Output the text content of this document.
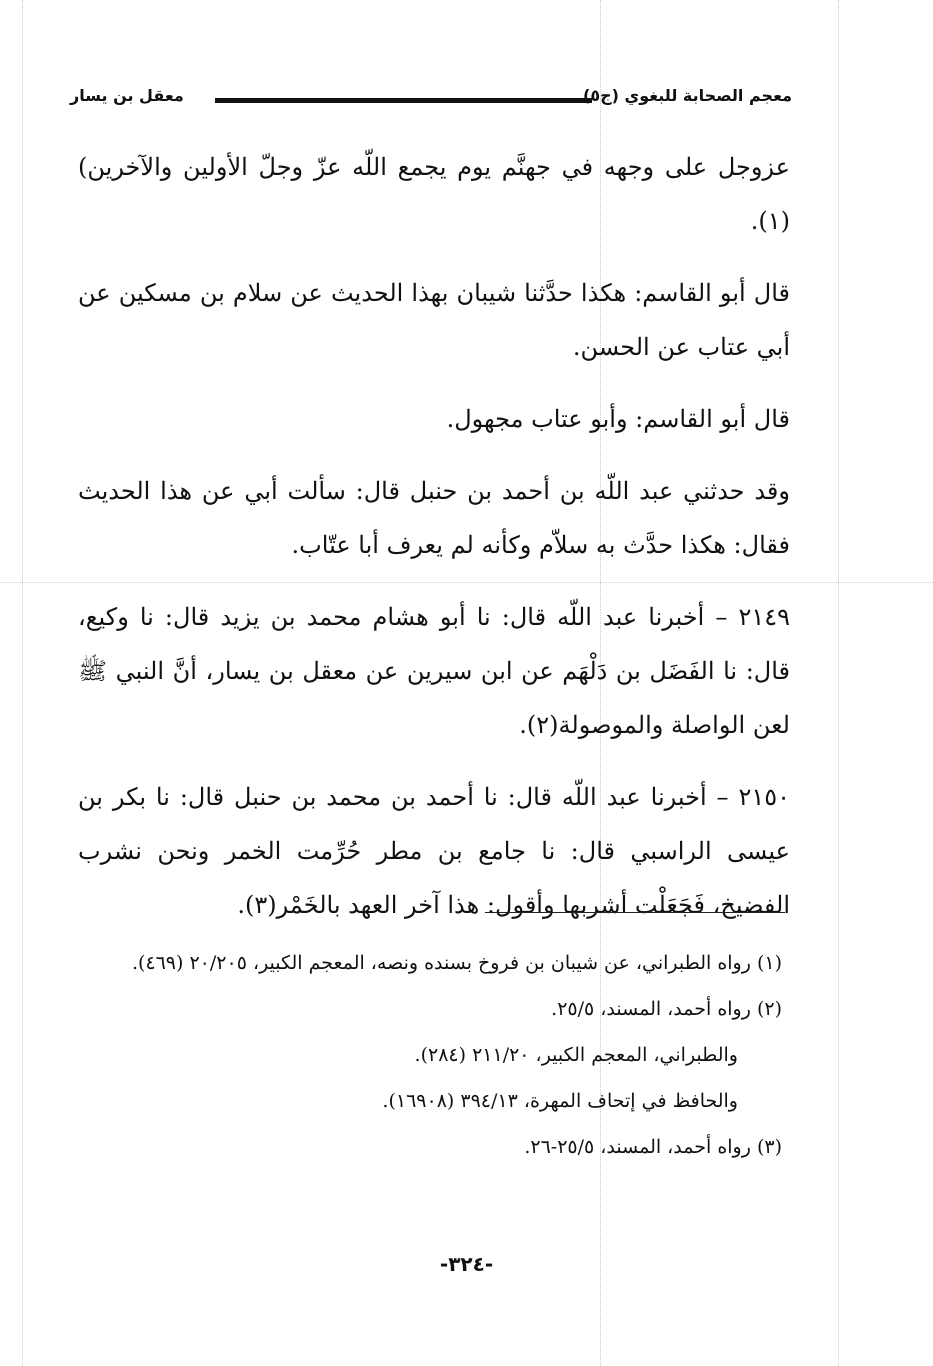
معجم الصحابة للبغوي (ج٥)
معقل بن يسار

عزوجل على وجهه في جهنَّم يوم يجمع اللّه عزّ وجلّ الأولين والآخرين)(١).

قال أبو القاسم: هكذا حدَّثنا شيبان بهذا الحديث عن سلام بن مسكين عن أبي عتاب عن الحسن.

قال أبو القاسم: وأبو عتاب مجهول.

وقد حدثني عبد اللّه بن أحمد بن حنبل قال: سألت أبي عن هذا الحديث فقال: هكذا حدَّث به سلاّم وكأنه لم يعرف أبا عتّاب.

٢١٤٩ – أخبرنا عبد اللّه قال: نا أبو هشام محمد بن يزيد قال: نا وكيع، قال: نا الفَضَل بن دَلْهَم عن ابن سيرين عن معقل بن يسار، أنَّ النبي ﷺ لعن الواصلة والموصولة(٢).

٢١٥٠ – أخبرنا عبد اللّه قال: نا أحمد بن محمد بن حنبل قال: نا بكر بن عيسى الراسبي قال: نا جامع بن مطر حُرِّمت الخمر ونحن نشرب الفضيخ، فَجَعَلْت أشربها وأقول: هذا آخر العهد بالخَمْر(٣).

(١) رواه الطبراني، عن شيبان بن فروخ بسنده ونصه، المعجم الكبير، ٢٠/٢٠٥ (٤٦٩).

(٢) رواه أحمد، المسند، ٢٥/٥.

والطبراني، المعجم الكبير، ٢١١/٢٠ (٢٨٤).

والحافظ في إتحاف المهرة، ٣٩٤/١٣ (١٦٩٠٨).

(٣) رواه أحمد، المسند، ٢٥/٥-٢٦.

-٣٢٤-
